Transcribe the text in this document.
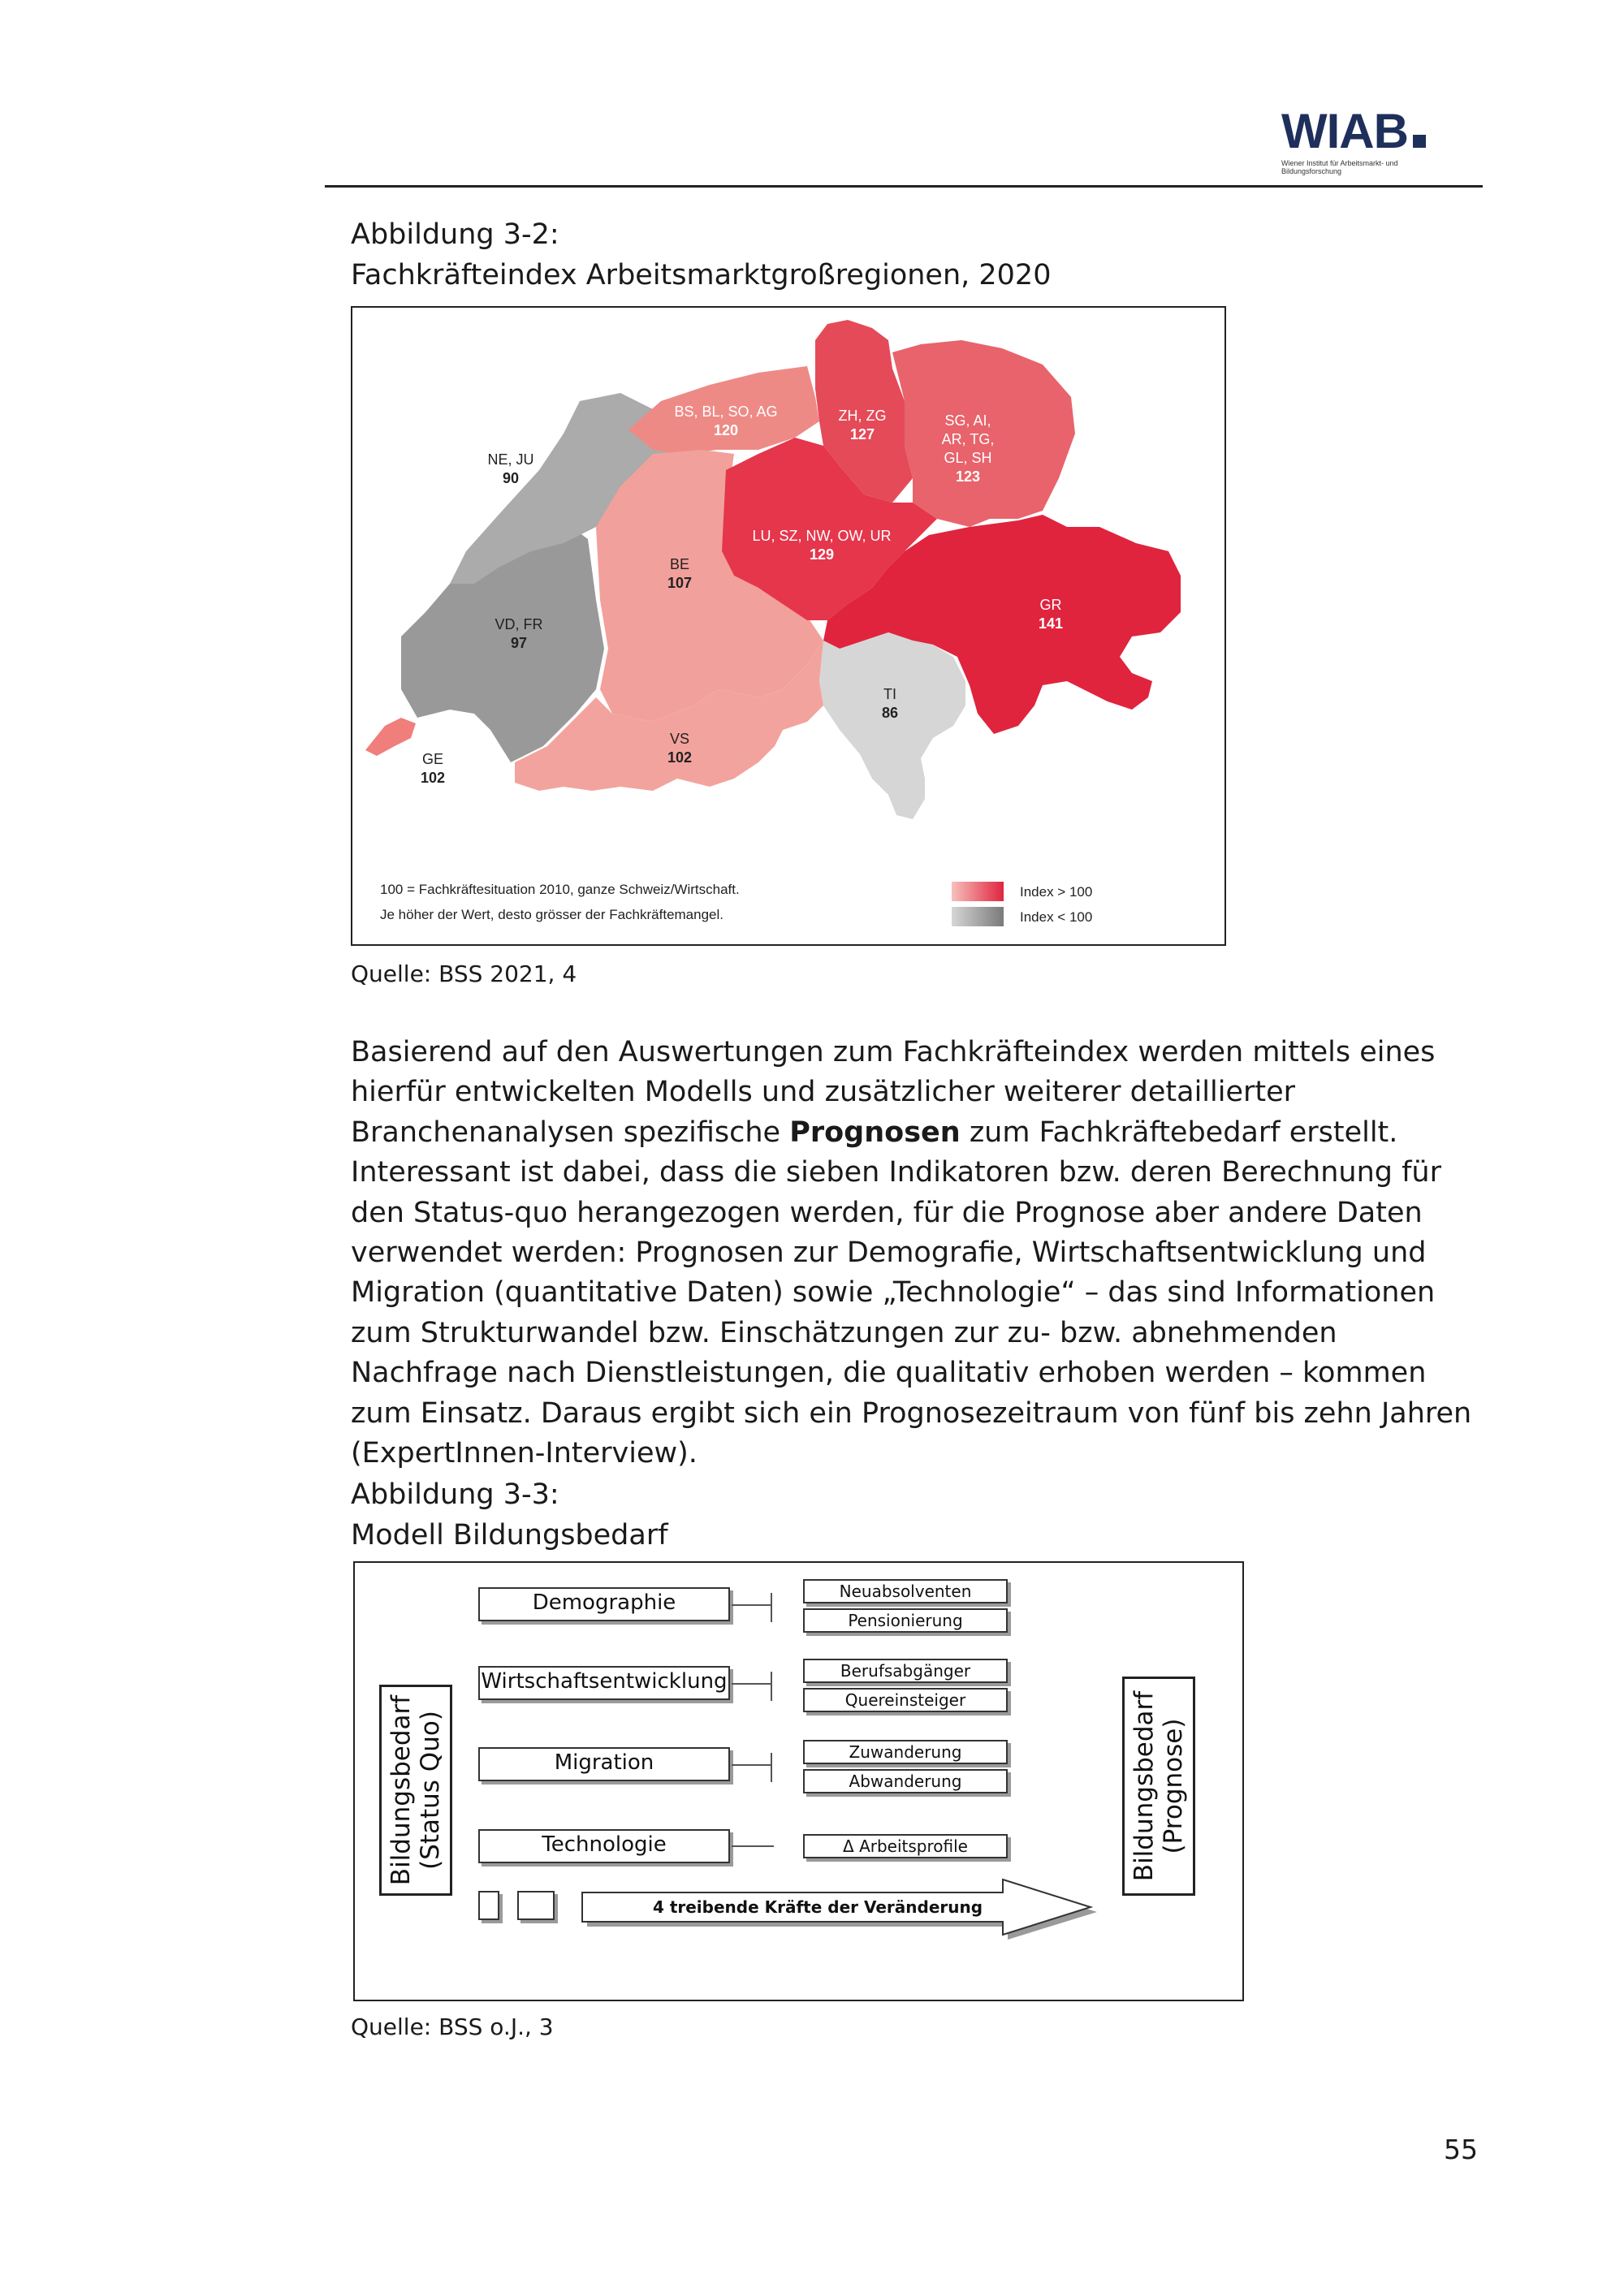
WIAB
Wiener Institut für Arbeitsmarkt- und Bildungsforschung
Abbildung 3-2:
Fachkräfteindex Arbeitsmarktgroßregionen, 2020
NE, JU
90
BS, BL, SO, AG
120
ZH, ZG
127
SG, AI,
AR, TG,
GL, SH
123
LU, SZ, NW, OW, UR
129
BE
107
VD, FR
97
GR
141
TI
86
GE
102
VS
102
100 = Fachkräftesituation 2010, ganze Schweiz/Wirtschaft.
Je höher der Wert, desto grösser der Fachkräftemangel.
Index > 100
Index < 100
Quelle: BSS 2021, 4

Basierend auf den Auswertungen zum Fachkräfteindex werden mittels eines hierfür entwickelten Modells und zusätzlicher weiterer detaillierter Branchenanalysen spezifische Prognosen zum Fachkräftebedarf erstellt. Interessant ist dabei, dass die sieben Indikatoren bzw. deren Berechnung für den Status-quo herangezogen werden, für die Prognose aber andere Daten verwendet werden: Prognosen zur Demografie, Wirtschaftsentwicklung und Migration (quantitative Daten) sowie „Technologie“ – das sind Informationen zum Strukturwandel bzw. Einschätzungen zur zu- bzw. abnehmenden Nachfrage nach Dienstleistungen, die qualitativ erhoben werden – kommen zum Einsatz. Daraus ergibt sich ein Prognosezeitraum von fünf bis zehn Jahren (ExpertInnen-Interview).

Abbildung 3-3:
Modell Bildungsbedarf
Bildungsbedarf (Status Quo)	Bildungsbedarf (Prognose)
Demographie
Wirtschaftsentwicklung
Migration
Technologie
Neuabsolventen
Pensionierung
Berufsabgänger
Quereinsteiger
Zuwanderung
Abwanderung
Δ Arbeitsprofile
4 treibende Kräfte der Veränderung
Quelle: BSS o.J., 3
55
